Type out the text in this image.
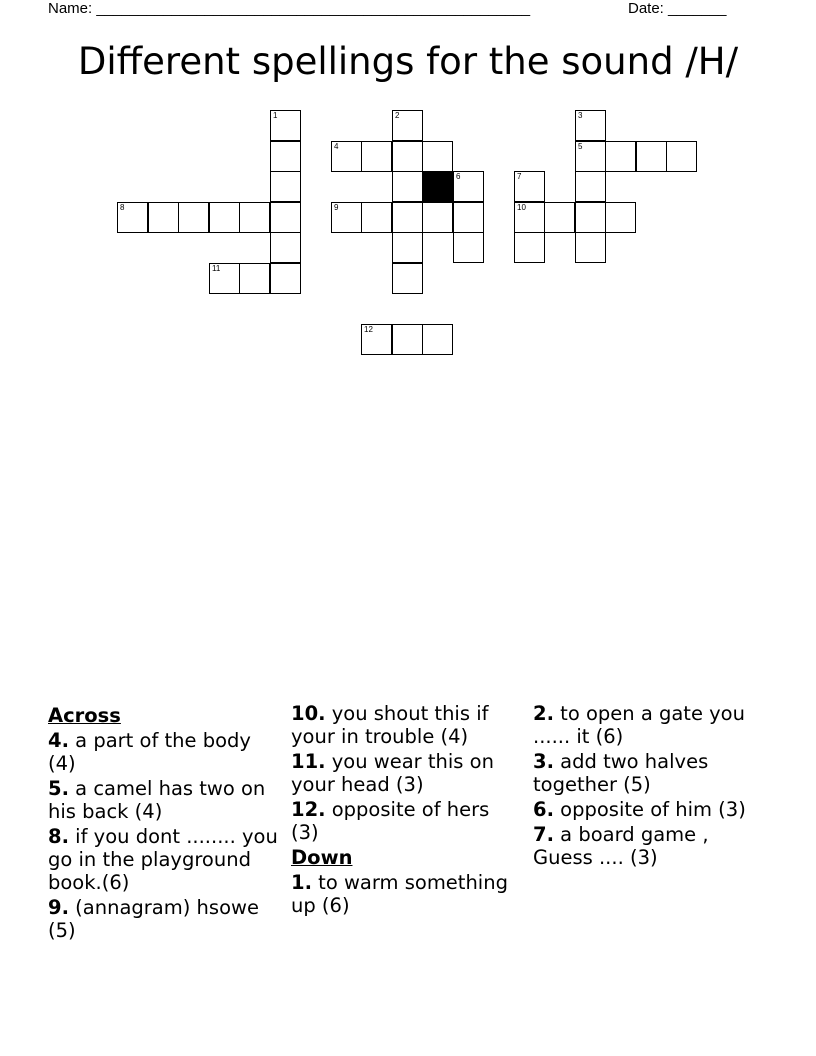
Name: ____________________________________________________	Date: _______
Different spellings for the sound /H/
1
8
11
2
4
6
9
12
3
5
7
10
Across
4. a part of the body (4)
5. a camel has two on his back (4)
8. if you dont ........ you go in the playground book.(6)
9. (annagram) hsowe (5)
10. you shout this if your in trouble (4)
11. you wear this on your head (3)
12. opposite of hers (3)
Down
1. to warm something up (6)
2. to open a gate you ...... it (6)
3. add two halves together (5)
6. opposite of him (3)
7. a board game , Guess .... (3)
